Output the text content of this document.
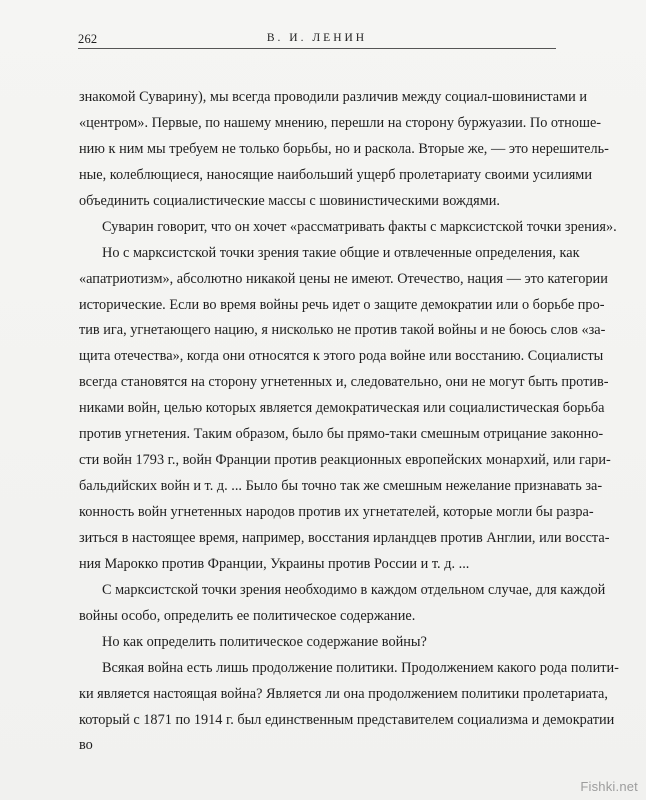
262	В. И. ЛЕНИН
знакомой Суварину), мы всегда проводили различив между социал-шовинистами и
«центром». Первые, по нашему мнению, перешли на сторону буржуазии. По отноше-
нию к ним мы требуем не только борьбы, но и раскола. Вторые же, — это нерешитель-
ные, колеблющиеся, наносящие наибольший ущерб пролетариату своими усилиями
объединить социалистические массы с шовинистическими вождями.
Суварин говорит, что он хочет «рассматривать факты с марксистской точки зрения».
Но с марксистской точки зрения такие общие и отвлеченные определения, как
«апатриотизм», абсолютно никакой цены не имеют. Отечество, нация — это категории
исторические. Если во время войны речь идет о защите демократии или о борьбе про-
тив ига, угнетающего нацию, я нисколько не против такой войны и не боюсь слов «за-
щита отечества», когда они относятся к этого рода войне или восстанию. Социалисты
всегда становятся на сторону угнетенных и, следовательно, они не могут быть против-
никами войн, целью которых является демократическая или социалистическая борьба
против угнетения. Таким образом, было бы прямо-таки смешным отрицание законно-
сти войн 1793 г., войн Франции против реакционных европейских монархий, или гари-
бальдийских войн и т. д. ... Было бы точно так же смешным нежелание признавать за-
конность войн угнетенных народов против их угнетателей, которые могли бы разра-
зиться в настоящее время, например, восстания ирландцев против Англии, или восста-
ния Марокко против Франции, Украины против России и т. д. ...
С марксистской точки зрения необходимо в каждом отдельном случае, для каждой
войны особо, определить ее политическое содержание.
Но как определить политическое содержание войны?
Всякая война есть лишь продолжение политики. Продолжением какого рода полити-
ки является настоящая война? Является ли она продолжением политики пролетариата,
который с 1871 по 1914 г. был единственным представителем социализма и демократии
во
Fishki.net
